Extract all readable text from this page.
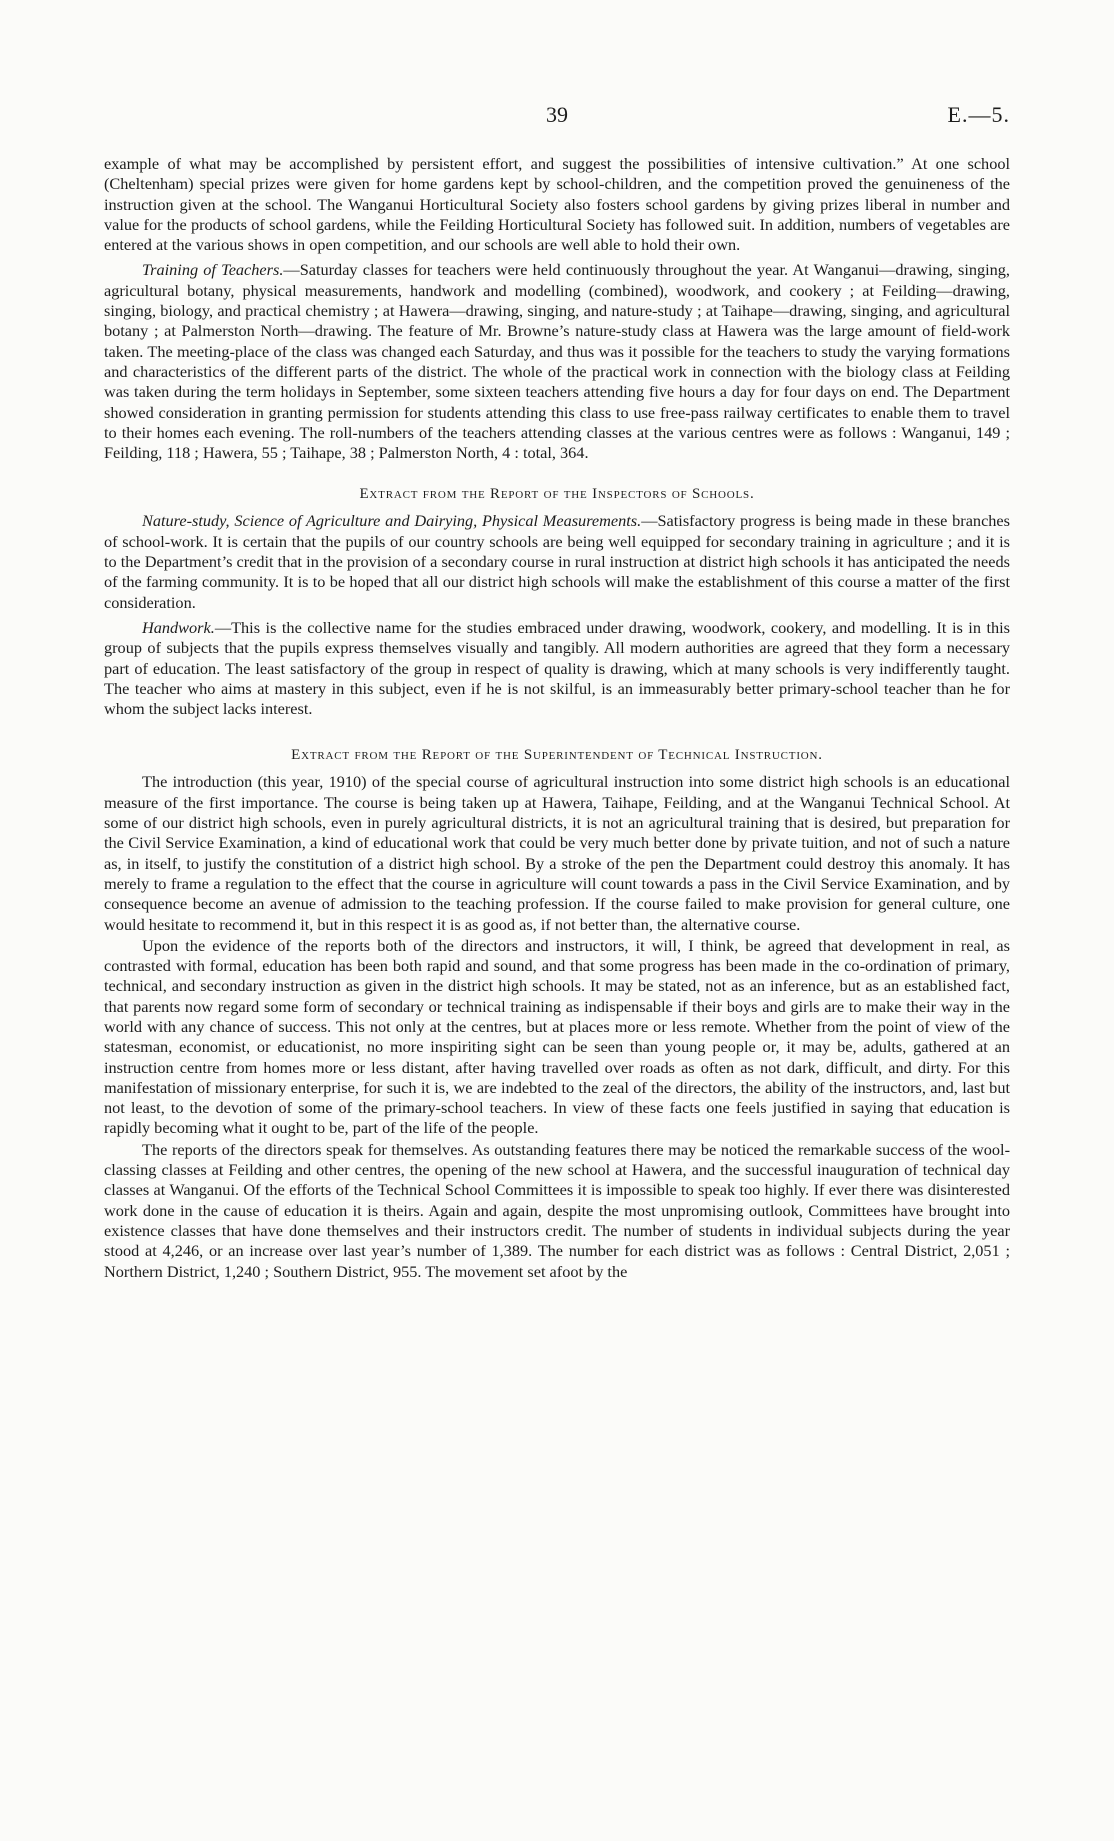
39	E.—5.

example of what may be accomplished by persistent effort, and suggest the possibilities of intensive cultivation.” At one school (Cheltenham) special prizes were given for home gardens kept by school-children, and the competition proved the genuineness of the instruction given at the school. The Wanganui Horticultural Society also fosters school gardens by giving prizes liberal in number and value for the products of school gardens, while the Feilding Horticultural Society has followed suit. In addition, numbers of vegetables are entered at the various shows in open competition, and our schools are well able to hold their own.

Training of Teachers.—Saturday classes for teachers were held continuously throughout the year. At Wanganui—drawing, singing, agricultural botany, physical measurements, handwork and modelling (combined), woodwork, and cookery ; at Feilding—drawing, singing, biology, and practical chemistry ; at Hawera—drawing, singing, and nature-study ; at Taihape—drawing, singing, and agricultural botany ; at Palmerston North—drawing. The feature of Mr. Browne’s nature-study class at Hawera was the large amount of field-work taken. The meeting-place of the class was changed each Saturday, and thus was it possible for the teachers to study the varying formations and characteristics of the different parts of the district. The whole of the practical work in connection with the biology class at Feilding was taken during the term holidays in September, some sixteen teachers attending five hours a day for four days on end. The Department showed consideration in granting permission for students attending this class to use free-pass railway certificates to enable them to travel to their homes each evening. The roll-numbers of the teachers attending classes at the various centres were as follows : Wanganui, 149 ; Feilding, 118 ; Hawera, 55 ; Taihape, 38 ; Palmerston North, 4 : total, 364.

Extract from the Report of the Inspectors of Schools.

Nature-study, Science of Agriculture and Dairying, Physical Measurements.—Satisfactory progress is being made in these branches of school-work. It is certain that the pupils of our country schools are being well equipped for secondary training in agriculture ; and it is to the Department’s credit that in the provision of a secondary course in rural instruction at district high schools it has anticipated the needs of the farming community. It is to be hoped that all our district high schools will make the establishment of this course a matter of the first consideration.

Handwork.—This is the collective name for the studies embraced under drawing, woodwork, cookery, and modelling. It is in this group of subjects that the pupils express themselves visually and tangibly. All modern authorities are agreed that they form a necessary part of education. The least satisfactory of the group in respect of quality is drawing, which at many schools is very indifferently taught. The teacher who aims at mastery in this subject, even if he is not skilful, is an immeasurably better primary-school teacher than he for whom the subject lacks interest.

Extract from the Report of the Superintendent of Technical Instruction.

The introduction (this year, 1910) of the special course of agricultural instruction into some district high schools is an educational measure of the first importance. The course is being taken up at Hawera, Taihape, Feilding, and at the Wanganui Technical School. At some of our district high schools, even in purely agricultural districts, it is not an agricultural training that is desired, but preparation for the Civil Service Examination, a kind of educational work that could be very much better done by private tuition, and not of such a nature as, in itself, to justify the constitution of a district high school. By a stroke of the pen the Department could destroy this anomaly. It has merely to frame a regulation to the effect that the course in agriculture will count towards a pass in the Civil Service Examination, and by consequence become an avenue of admission to the teaching profession. If the course failed to make provision for general culture, one would hesitate to recommend it, but in this respect it is as good as, if not better than, the alternative course.

Upon the evidence of the reports both of the directors and instructors, it will, I think, be agreed that development in real, as contrasted with formal, education has been both rapid and sound, and that some progress has been made in the co-ordination of primary, technical, and secondary instruction as given in the district high schools. It may be stated, not as an inference, but as an established fact, that parents now regard some form of secondary or technical training as indispensable if their boys and girls are to make their way in the world with any chance of success. This not only at the centres, but at places more or less remote. Whether from the point of view of the statesman, economist, or educationist, no more inspiriting sight can be seen than young people or, it may be, adults, gathered at an instruction centre from homes more or less distant, after having travelled over roads as often as not dark, difficult, and dirty. For this manifestation of missionary enterprise, for such it is, we are indebted to the zeal of the directors, the ability of the instructors, and, last but not least, to the devotion of some of the primary-school teachers. In view of these facts one feels justified in saying that education is rapidly becoming what it ought to be, part of the life of the people.

The reports of the directors speak for themselves. As outstanding features there may be noticed the remarkable success of the wool-classing classes at Feilding and other centres, the opening of the new school at Hawera, and the successful inauguration of technical day classes at Wanganui. Of the efforts of the Technical School Committees it is impossible to speak too highly. If ever there was disinterested work done in the cause of education it is theirs. Again and again, despite the most unpromising outlook, Committees have brought into existence classes that have done themselves and their instructors credit. The number of students in individual subjects during the year stood at 4,246, or an increase over last year’s number of 1,389. The number for each district was as follows : Central District, 2,051 ; Northern District, 1,240 ; Southern District, 955. The movement set afoot by the
